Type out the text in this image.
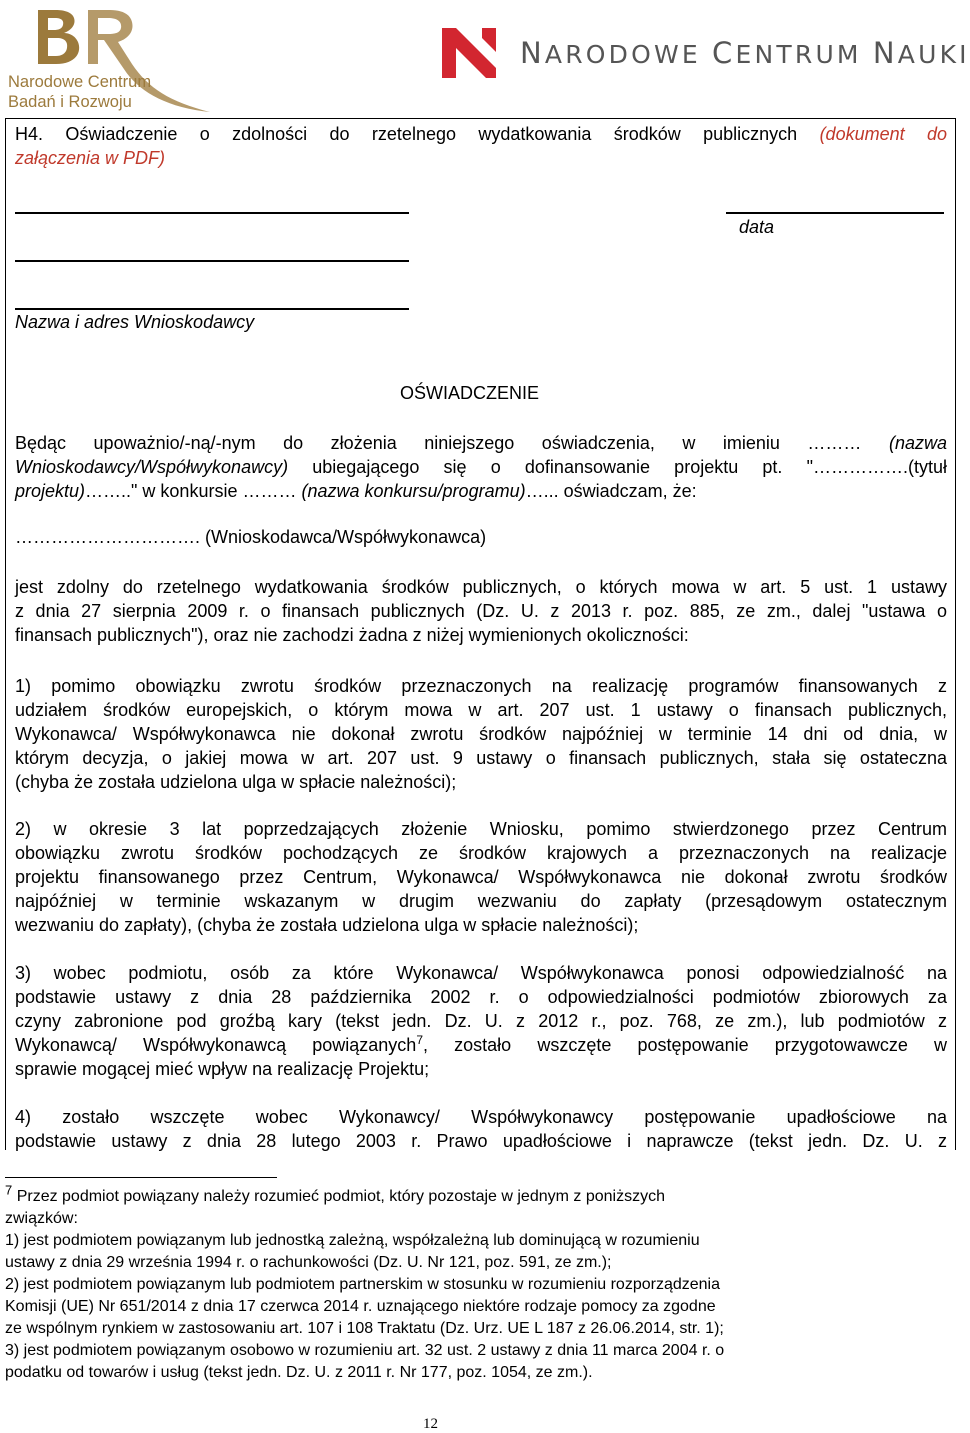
Narodowe Centrum
Badań i Rozwoju
NARODOWE CENTRUM NAUKI
H4. Oświadczenie o zdolności do rzetelnego wydatkowania środków publicznych (dokument do
załączenia w PDF)
data
Nazwa i adres Wnioskodawcy
OŚWIADCZENIE
Będąc upoważnio/-ną/-nym do złożenia niniejszego oświadczenia, w imieniu ……… (nazwa
Wnioskodawcy/Współwykonawcy) ubiegającego się o dofinansowanie projektu pt. "…………….(tytuł
projektu)…….." w konkursie ……… (nazwa konkursu/programu)…... oświadczam, że:
…………………………. (Wnioskodawca/Współwykonawca)
jest zdolny do rzetelnego wydatkowania środków publicznych, o których mowa w art. 5 ust. 1 ustawy
z dnia 27 sierpnia 2009 r. o finansach publicznych (Dz. U. z 2013 r. poz. 885, ze zm., dalej "ustawa o
finansach publicznych"), oraz nie zachodzi żadna z niżej wymienionych okoliczności:
1) pomimo obowiązku zwrotu środków przeznaczonych na realizację programów finansowanych z
udziałem środków europejskich, o którym mowa w art. 207 ust. 1 ustawy o finansach publicznych,
Wykonawca/ Współwykonawca nie dokonał zwrotu środków najpóźniej w terminie 14 dni od dnia, w
którym decyzja, o jakiej mowa w art. 207 ust. 9 ustawy o finansach publicznych, stała się ostateczna
(chyba że została udzielona ulga w spłacie należności);
2) w okresie 3 lat poprzedzających złożenie Wniosku, pomimo stwierdzonego przez Centrum
obowiązku zwrotu środków pochodzących ze środków krajowych a przeznaczonych na realizacje
projektu finansowanego przez Centrum, Wykonawca/ Współwykonawca nie dokonał zwrotu środków
najpóźniej w terminie wskazanym w drugim wezwaniu do zapłaty (przesądowym ostatecznym
wezwaniu do zapłaty), (chyba że została udzielona ulga w spłacie należności);
3) wobec podmiotu, osób za które Wykonawca/ Współwykonawca ponosi odpowiedzialność na
podstawie ustawy z dnia 28 października 2002 r. o odpowiedzialności podmiotów zbiorowych za
czyny zabronione pod groźbą kary (tekst jedn. Dz. U. z 2012 r., poz. 768, ze zm.), lub podmiotów z
Wykonawcą/ Współwykonawcą powiązanych$^7$, zostało wszczęte postępowanie przygotowawcze w
sprawie mogącej mieć wpływ na realizację Projektu;
4) zostało wszczęte wobec Wykonawcy/ Współwykonawcy postępowanie upadłościowe na
podstawie ustawy z dnia 28 lutego 2003 r. Prawo upadłościowe i naprawcze (tekst jedn. Dz. U. z
$^7$ Przez podmiot powiązany należy rozumieć podmiot, który pozostaje w jednym z poniższych
związków:
1) jest podmiotem powiązanym lub jednostką zależną, współzależną lub dominującą w rozumieniu
ustawy z dnia 29 września 1994 r. o rachunkowości (Dz. U. Nr 121, poz. 591, ze zm.);
2) jest podmiotem powiązanym lub podmiotem partnerskim w stosunku w rozumieniu rozporządzenia
Komisji (UE) Nr 651/2014 z dnia 17 czerwca 2014 r. uznającego niektóre rodzaje pomocy za zgodne
ze wspólnym rynkiem w zastosowaniu art. 107 i 108 Traktatu (Dz. Urz. UE L 187 z 26.06.2014, str. 1);
3) jest podmiotem powiązanym osobowo w rozumieniu art. 32 ust. 2 ustawy z dnia 11 marca 2004 r. o
podatku od towarów i usług (tekst jedn. Dz. U. z 2011 r. Nr 177, poz. 1054, ze zm.).
12
